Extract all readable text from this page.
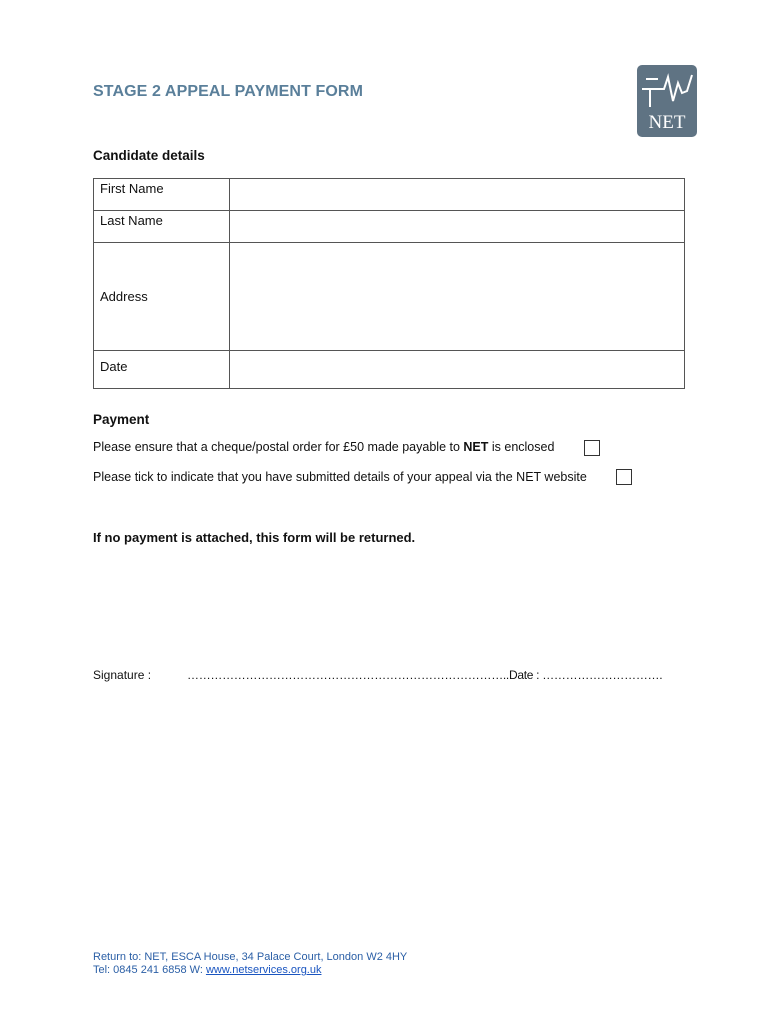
STAGE 2 APPEAL PAYMENT FORM
NET
Candidate details
First Name	
Last Name	
Address	
Date	
Payment
Please ensure that a cheque/postal order for £50 made payable to NET is enclosed
Please tick to indicate that you have submitted details of your appeal via the NET website
If no payment is attached, this form will be returned.
Signature :	………………………………………………………………………..Date : ………………………….
Return to: NET, ESCA House, 34 Palace Court, London W2 4HY
Tel: 0845 241 6858 W: www.netservices.org.uk
